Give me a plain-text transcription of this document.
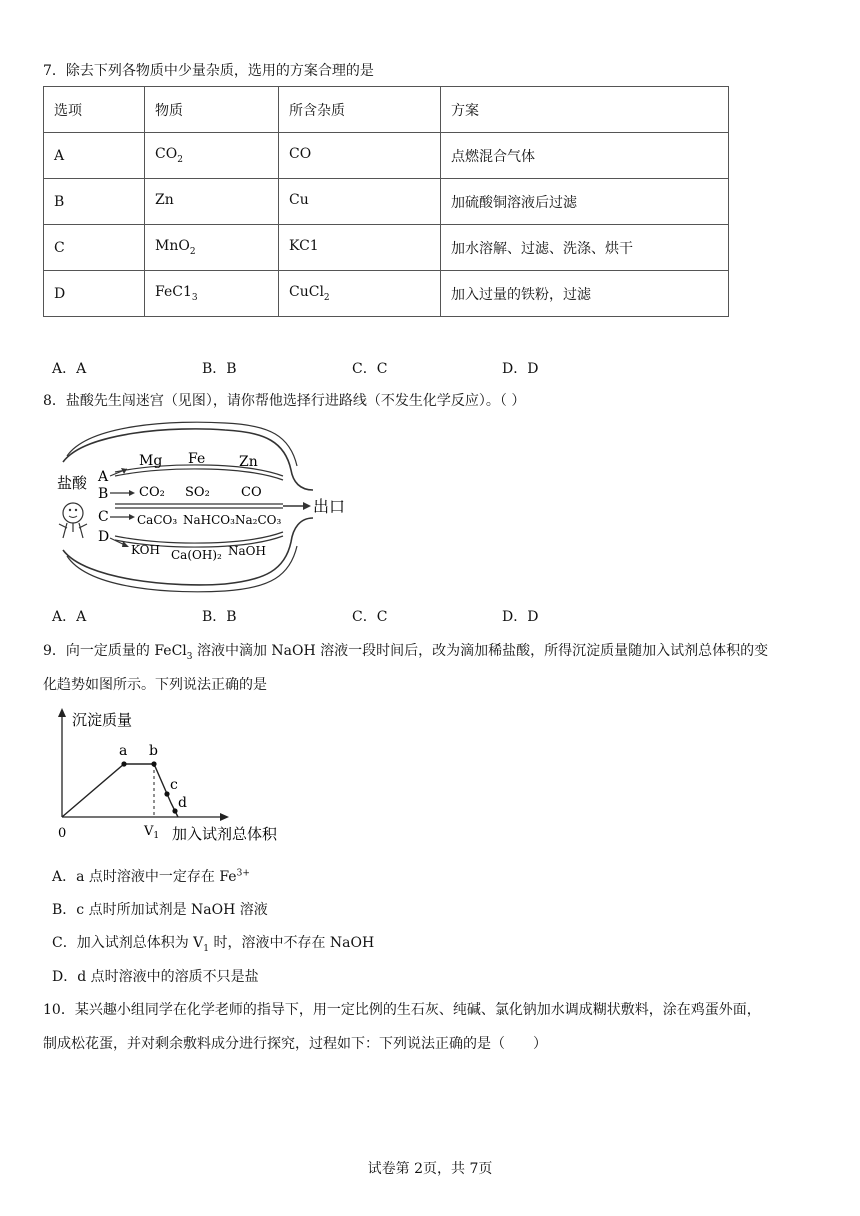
7．除去下列各物质中少量杂质，选用的方案合理的是
选项	物质	所含杂质	方案
A	$CO_2$	CO	点燃混合气体
B	Zn	Cu	加硫酸铜溶液后过滤
C	MnO$_2$	KC1	加水溶解、过滤、洗涤、烘干
D	$FeC1_3$	CuCl$_2$	加入过量的铁粉，过滤
A．A	B．B	C．C	D．D
8．盐酸先生闯迷宫（见图），请你帮他选择行进路线（不发生化学反应）。（ ）
盐酸 A
B
C
D
Mg Fe Zn
CO₂ SO₂ CO
CaCO₃ NaHCO₃ Na₂CO₃
KOH Ca(OH)₂ NaOH
出口
A．A	B．B	C．C	D．D
9．向一定质量的 FeCl$_3$ 溶液中滴加 NaOH 溶液一段时间后，改为滴加稀盐酸，所得沉淀质量随加入试剂总体积的变
化趋势如图所示。下列说法正确的是
沉淀质量
加入试剂总体积
0	$V_1$
a b
c
d
A．a 点时溶液中一定存在 $Fe^{3+}$
B．c 点时所加试剂是 NaOH 溶液
C．加入试剂总体积为 $V_1$ 时，溶液中不存在 NaOH
D．d 点时溶液中的溶质不只是盐
10．某兴趣小组同学在化学老师的指导下，用一定比例的生石灰、纯碱、氯化钠加水调成糊状敷料，涂在鸡蛋外面，
制成松花蛋，并对剩余敷料成分进行探究，过程如下：下列说法正确的是（　　）
试卷第 2页，共 7页
